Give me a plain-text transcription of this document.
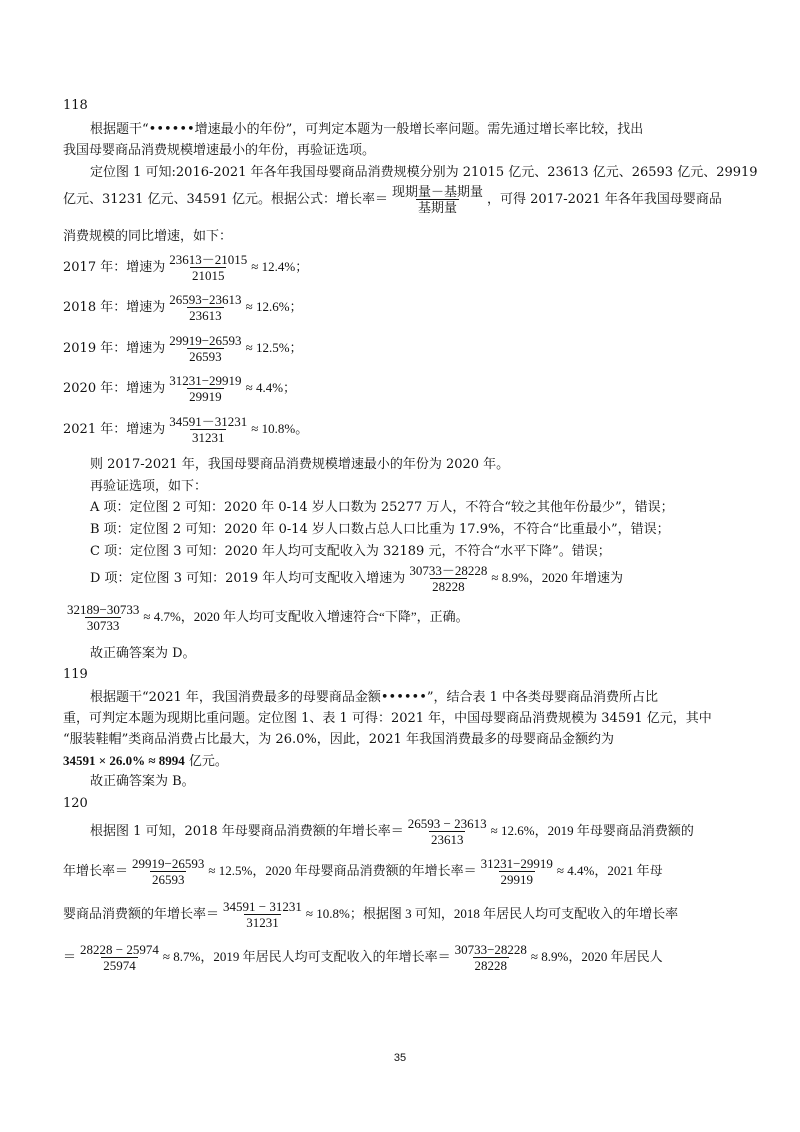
118
根据题干“••••••增速最小的年份”，可判定本题为一般增长率问题。需先通过增长率比较，找出
我国母婴商品消费规模增速最小的年份，再验证选项。
定位图 1 可知:2016-2021 年各年我国母婴商品消费规模分别为 21015 亿元、23613 亿元、26593 亿元、29919
亿元、31231 亿元、34591 亿元。根据公式：增长率＝ $\frac{\text{现期量－基期量}}{\text{基期量}}$ ，可得 2017-2021 年各年我国母婴商品
消费规模的同比增速，如下：
2017 年：增速为 $\frac{23613-21015}{21015} \approx 12.4\%$；
2018 年：增速为 $\frac{26593-23613}{23613} \approx 12.6\%$；
2019 年：增速为 $\frac{29919-26593}{26593} \approx 12.5\%$；
2020 年：增速为 $\frac{31231-29919}{29919} \approx 4.4\%$；
2021 年：增速为 $\frac{34591-31231}{31231} \approx 10.8\%$。
则 2017-2021 年，我国母婴商品消费规模增速最小的年份为 2020 年。
再验证选项，如下：
A 项：定位图 2 可知：2020 年 0-14 岁人口数为 25277 万人，不符合“较之其他年份最少”，错误；
B 项：定位图 2 可知：2020 年 0-14 岁人口数占总人口比重为 17.9%，不符合“比重最小”，错误；
C 项：定位图 3 可知：2020 年人均可支配收入为 32189 元，不符合“水平下降”。错误；
D 项：定位图 3 可知：2019 年人均可支配收入增速为 $\frac{30733-28228}{28228} \approx 8.9\%$，2020 年增速为
$\frac{32189-30733}{30733} \approx 4.7\%$，2020 年人均可支配收入增速符合“下降”，正确。
故正确答案为 D。
119
根据题干“2021 年，我国消费最多的母婴商品金额••••••”，结合表 1 中各类母婴商品消费所占比
重，可判定本题为现期比重问题。定位图 1、表 1 可得：2021 年，中国母婴商品消费规模为 34591 亿元，其中
“服装鞋帽”类商品消费占比最大，为 26.0%，因此，2021 年我国消费最多的母婴商品金额约为
34591 × 26.0% ≈ 8994 亿元。
故正确答案为 B。
120
根据图 1 可知，2018 年母婴商品消费额的年增长率＝ $\frac{26593 - 23613}{23613} \approx 12.6\%$，2019 年母婴商品消费额的
年增长率＝ $\frac{29919-26593}{26593} \approx 12.5\%$，2020 年母婴商品消费额的年增长率＝ $\frac{31231-29919}{29919} \approx 4.4\%$，2021 年母
婴商品消费额的年增长率＝ $\frac{34591 - 31231}{31231} \approx 10.8\%$；根据图 3 可知，2018 年居民人均可支配收入的年增长率
＝ $\frac{28228 - 25974}{25974} \approx 8.7\%$，2019 年居民人均可支配收入的年增长率＝ $\frac{30733-28228}{28228} \approx 8.9\%$，2020 年居民人
35
